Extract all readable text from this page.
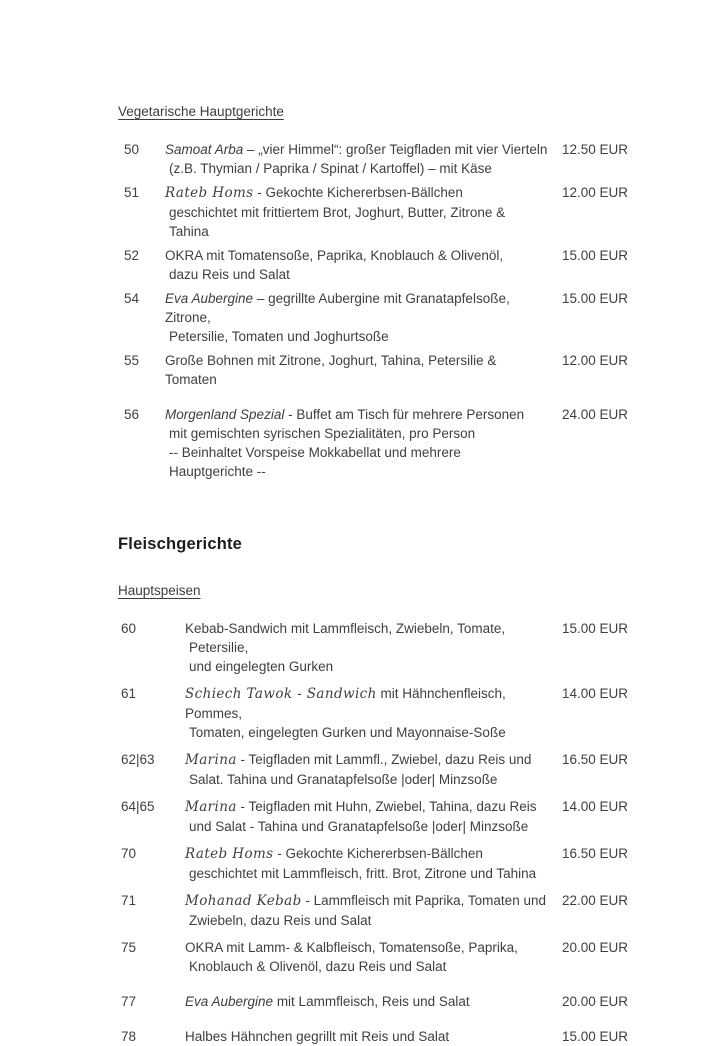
Vegetarische Hauptgerichte
50	Samoat Arba – „vier Himmel“: großer Teigfladen mit vier Vierteln
(z.B. Thymian / Paprika / Spinat / Kartoffel) – mit Käse
12.50 EUR
51	Rateb Homs - Gekochte Kichererbsen-Bällchen
geschichtet mit frittiertem Brot, Joghurt, Butter, Zitrone & Tahina
12.00 EUR
52	OKRA mit Tomatensoße, Paprika, Knoblauch & Olivenöl,
dazu Reis und Salat
15.00 EUR
54	Eva Aubergine – gegrillte Aubergine mit Granatapfelsoße, Zitrone,
Petersilie, Tomaten und Joghurtsoße
15.00 EUR
55	Große Bohnen mit Zitrone, Joghurt, Tahina, Petersilie & Tomaten
12.00 EUR
56	Morgenland Spezial - Buffet am Tisch für mehrere Personen
mit gemischten syrischen Spezialitäten, pro Person
-- Beinhaltet Vorspeise Mokkabellat und mehrere Hauptgerichte --
24.00 EUR
Fleischgerichte
Hauptspeisen
60	Kebab-Sandwich mit Lammfleisch, Zwiebeln, Tomate,
Petersilie,
und eingelegten Gurken
15.00 EUR
61	Schiech Tawok - Sandwich mit Hähnchenfleisch, Pommes,
Tomaten, eingelegten Gurken und Mayonnaise-Soße
14.00 EUR
62|63	Marina - Teigfladen mit Lammfl., Zwiebel, dazu Reis und
Salat. Tahina und Granatapfelsoße |oder| Minzsoße
16.50 EUR
64|65	Marina - Teigfladen mit Huhn, Zwiebel, Tahina, dazu Reis
und Salat - Tahina und Granatapfelsoße |oder| Minzsoße
14.00 EUR
70	Rateb Homs - Gekochte Kichererbsen-Bällchen
geschichtet mit Lammfleisch, fritt. Brot, Zitrone und Tahina
16.50 EUR
71	Mohanad Kebab - Lammfleisch mit Paprika, Tomaten und
Zwiebeln, dazu Reis und Salat
22.00 EUR
75	OKRA mit Lamm- & Kalbfleisch, Tomatensoße, Paprika,
Knoblauch & Olivenöl, dazu Reis und Salat
20.00 EUR
77	Eva Aubergine mit Lammfleisch, Reis und Salat	20.00 EUR
78	Halbes Hähnchen gegrillt mit Reis und Salat	15.00 EUR
